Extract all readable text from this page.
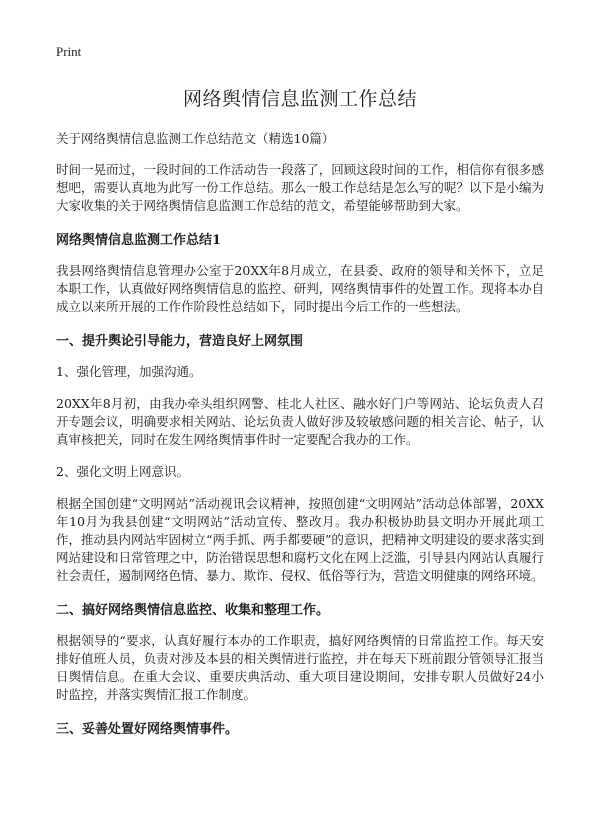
Print
网络舆情信息监测工作总结
关于网络舆情信息监测工作总结范文（精选10篇）

时间一晃而过，一段时间的工作活动告一段落了，回顾这段时间的工作，相信你有很多感想吧，需要认真地为此写一份工作总结。那么一般工作总结是怎么写的呢？以下是小编为大家收集的关于网络舆情信息监测工作总结的范文，希望能够帮助到大家。

网络舆情信息监测工作总结1

我县网络舆情信息管理办公室于20XX年8月成立，在县委、政府的领导和关怀下，立足本职工作，认真做好网络舆情信息的监控、研判，网络舆情事件的处置工作。现将本办自成立以来所开展的工作作阶段性总结如下，同时提出今后工作的一些想法。

一、提升舆论引导能力，营造良好上网氛围

1、强化管理，加强沟通。

20XX年8月初，由我办牵头组织网警、桂北人社区、融水好门户等网站、论坛负责人召开专题会议，明确要求相关网站、论坛负责人做好涉及较敏感问题的相关言论、帖子，认真审核把关，同时在发生网络舆情事件时一定要配合我办的工作。

2、强化文明上网意识。

根据全国创建“文明网站”活动视讯会议精神，按照创建“文明网站”活动总体部署，20XX年10月为我县创建“文明网站”活动宣传、整改月。我办积极协助县文明办开展此项工作，推动县内网站牢固树立“两手抓、两手都要硬”的意识，把精神文明建设的要求落实到网站建设和日常管理之中，防治错误思想和腐朽文化在网上泛滥，引导县内网站认真履行社会责任，遏制网络色情、暴力、欺诈、侵权、低俗等行为，营造文明健康的网络环境。

二、搞好网络舆情信息监控、收集和整理工作。

根据领导的“要求，认真好履行本办的工作职责，搞好网络舆情的日常监控工作。每天安排好值班人员，负责对涉及本县的相关舆情进行监控，并在每天下班前跟分管领导汇报当日舆情信息。在重大会议、重要庆典活动、重大项目建设期间，安排专职人员做好24小时监控，并落实舆情汇报工作制度。

三、妥善处置好网络舆情事件。
